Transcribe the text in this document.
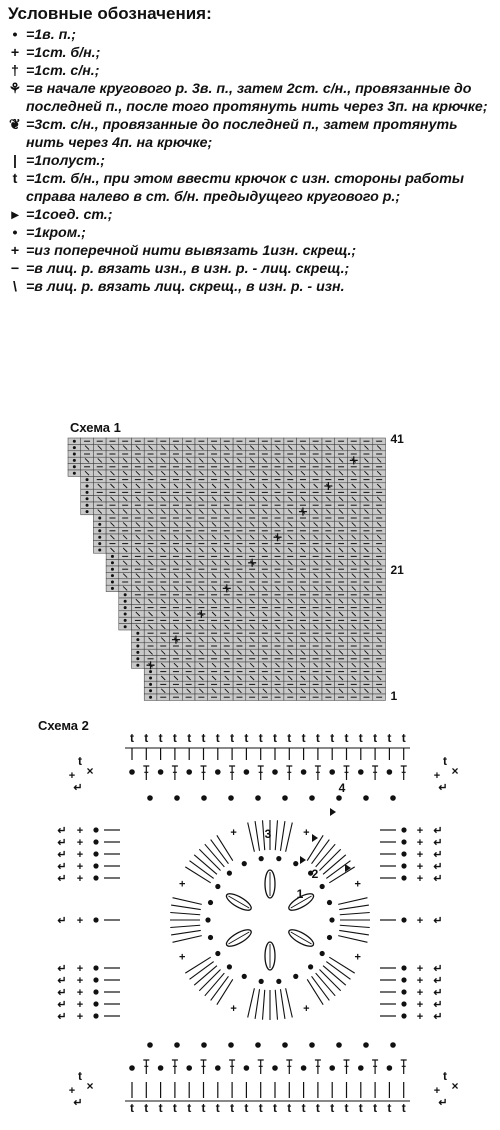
Условные обозначения:
• =1в. п.;
+ =1ст. б/н.;
† =1ст. с/н.;
⚘ =в начале кругового р. 3в. п., затем 2ст. с/н., провязанные до последней п., после того протянуть нить через 3п. на крючке;
❦ =3ст. с/н., провязанные до последней п., затем протянуть нить через 4п. на крючке;
| =1полуст.;
t =1ст. б/н., при этом ввести крючок с изн. стороны работы справа налево в ст. б/н. предыдущего кругового р.;
▸ =1соед. ст.;
• =1кром.;
+ =из поперечной нити вывязать 1изн. скрещ.;
− =в лиц. р. вязать изн., в изн. р. - лиц. скрещ.;
\ =в лиц. р. вязать лиц. скрещ., в изн. р. - изн.
Схема 1
41
21
1
Схема 2
t t t t t t t t t t t t t t t t t t t t
t t t t t t t t t t t t t t t t t t t t
↵ +
↵ +
↵ +
↵ +
↵ +
↵ +
↵ +
↵ +
↵ +
↵ +
↵ +
↵
+
↵
+
↵
+
↵
+
↵
+
↵
+
↵
+
↵
+
↵
+
↵
+
↵
+
t
×
+
↵
t
×
+
↵
t
×
+
↵
t
×
+
↵
+
+
+
+
+
+	+
+
1
2
3
4
